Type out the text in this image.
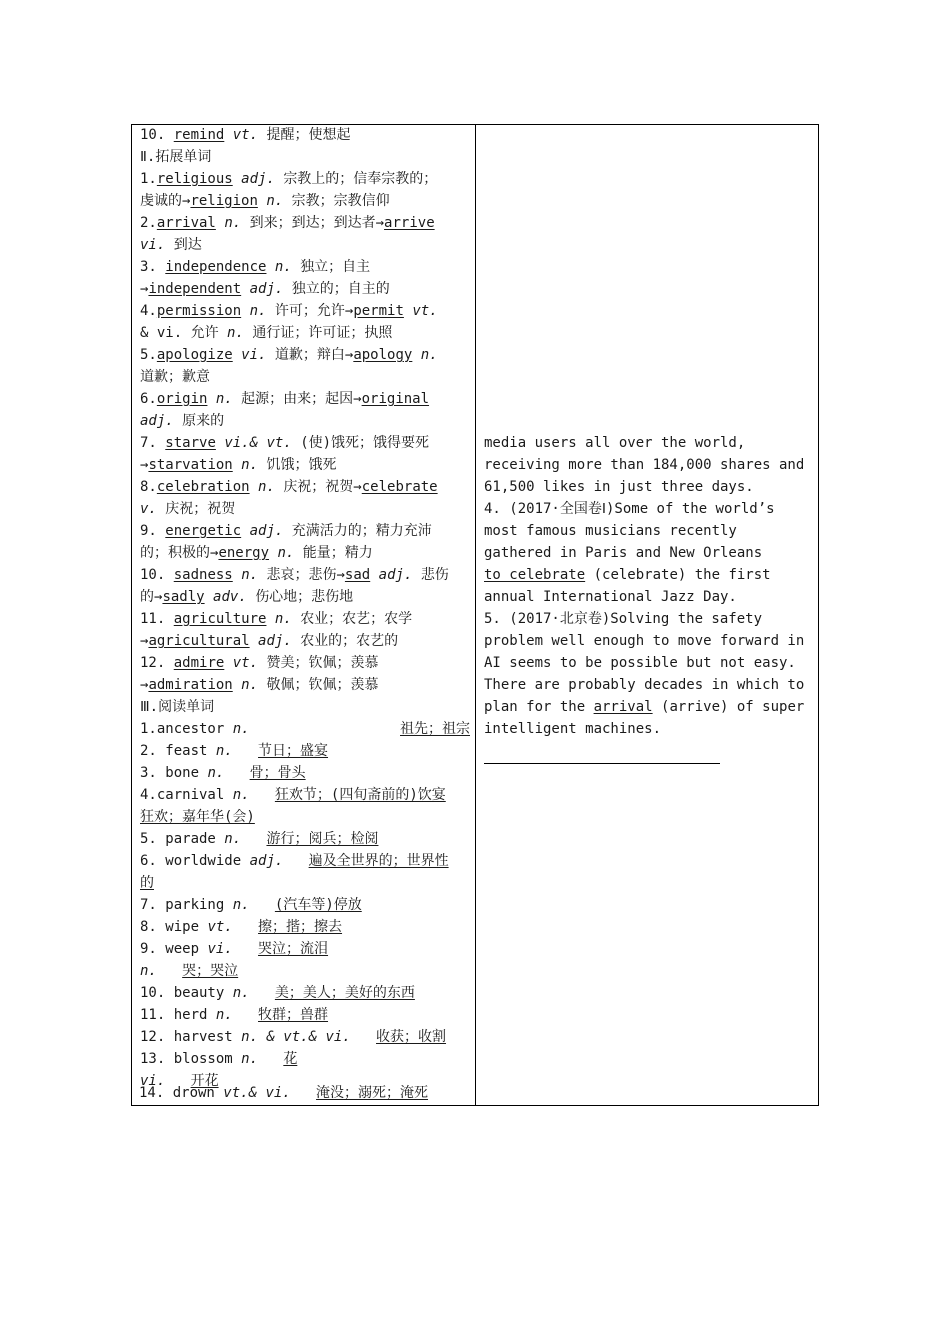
10. remind vt. 提醒；使想起
Ⅱ.拓展单词
1.religious adj. 宗教上的；信奉宗教的；
虔诚的→religion n. 宗教；宗教信仰
2.arrival n. 到来；到达；到达者→arrive
vi. 到达
3. independence n. 独立；自主
→independent adj. 独立的；自主的
4.permission n. 许可；允许→permit vt.
& vi. 允许 n. 通行证；许可证；执照
5.apologize vi. 道歉；辩白→apology n.
道歉；歉意
6.origin n. 起源；由来；起因→original
adj. 原来的
7. starve vi.& vt. (使)饿死；饿得要死
→starvation n. 饥饿；饿死
8.celebration n. 庆祝；祝贺→celebrate
v. 庆祝；祝贺
9. energetic adj. 充满活力的；精力充沛
的；积极的→energy n. 能量；精力
10. sadness n. 悲哀；悲伤→sad adj. 悲伤
的→sadly adv. 伤心地；悲伤地
11. agriculture n. 农业；农艺；农学
→agricultural adj. 农业的；农艺的
12. admire vt. 赞美；钦佩；羡慕
→admiration n. 敬佩；钦佩；羡慕
Ⅲ.阅读单词
1.ancestor n.	祖先；祖宗
2. feast n. 节日；盛宴
3. bone n. 骨；骨头
4.carnival n. 狂欢节；(四旬斋前的)饮宴
狂欢；嘉年华(会)
5. parade n. 游行；阅兵；检阅
6. worldwide adj. 遍及全世界的；世界性
的
7. parking n. (汽车等)停放
8. wipe vt. 擦；揩；擦去
9. weep vi. 哭泣；流泪
n. 哭；哭泣
10. beauty n. 美；美人；美好的东西
11. herd n. 牧群；兽群
12. harvest n. & vt.& vi. 收获；收割
13. blossom n. 花
vi. 开花
media users all over the world,
receiving more than 184,000 shares and
61,500 likes in just three days.
4. (2017·全国卷Ⅰ)Some of the world’s
most famous musicians recently
gathered in Paris and New Orleans
to celebrate (celebrate) the first
annual International Jazz Day.
5. (2017·北京卷)Solving the safety
problem well enough to move forward in
AI seems to be possible but not easy.
There are probably decades in which to
plan for the arrival (arrive) of super
intelligent machines.
14. drown vt.& vi. 淹没；溺死；淹死
